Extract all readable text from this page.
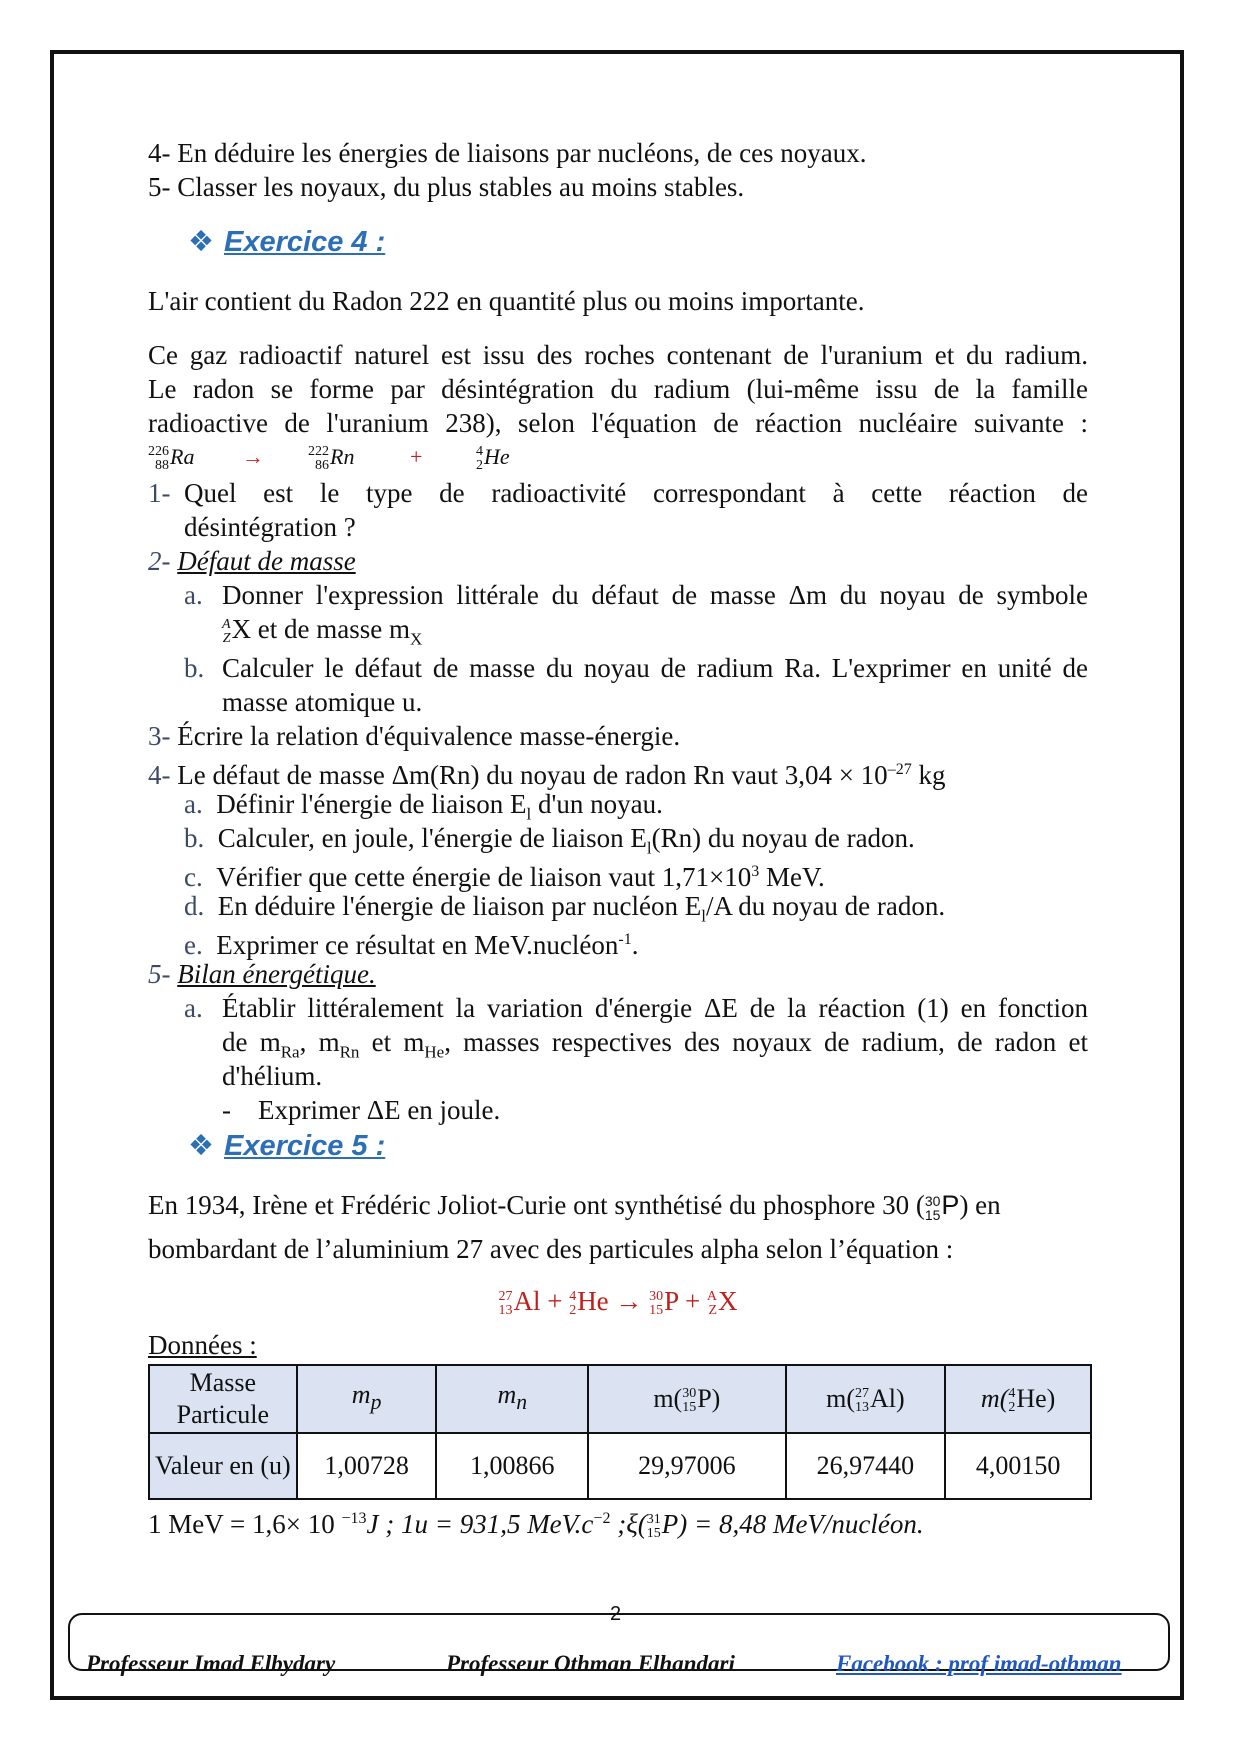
4- En déduire les énergies de liaisons par nucléons, de ces noyaux.

5- Classer les noyaux, du plus stables au moins stables.

❖ Exercice 4 :

L'air contient du Radon 222 en quantité plus ou moins importante.

Ce gaz radioactif naturel est issu des roches contenant de l'uranium et du radium.

Le radon se forme par désintégration du radium (lui-même issu de la famille

radioactive de l'uranium 238), selon l'équation de réaction nucléaire suivante :

226
88 Ra →	222
86 Rn	+	4
2 He

1- Quel est le type de radioactivité correspondant à cette réaction de

désintégration ?

2- Défaut de masse

a. Donner l'expression littérale du défaut de masse Δm du noyau de symbole

A
Z X et de masse $m_X$

b. Calculer le défaut de masse du noyau de radium Ra. L'exprimer en unité de

masse atomique u.

3- Écrire la relation d'équivalence masse-énergie.

4- Le défaut de masse Δm(Rn) du noyau de radon Rn vaut $3,04 \times 10^{-27}$ kg

a. Définir l'énergie de liaison $E_l$ d'un noyau.

b. Calculer, en joule, l'énergie de liaison $E_l(Rn)$ du noyau de radon.

c. Vérifier que cette énergie de liaison vaut $1,71\times 10^3$ MeV.

d. En déduire l'énergie de liaison par nucléon $E_l/A$ du noyau de radon.

e. Exprimer ce résultat en MeV.nucléon$^{-1}$.

5- Bilan énergétique.

a. Établir littéralement la variation d'énergie ΔE de la réaction (1) en fonction

de $m_{Ra}$, $m_{Rn}$ et $m_{He}$, masses respectives des noyaux de radium, de radon et

d'hélium.

- Exprimer ΔE en joule.

❖ Exercice 5 :

En 1934, Irène et Frédéric Joliot-Curie ont synthétisé du phosphore 30 ( 30
15 P) en

bombardant de l’aluminium 27 avec des particules alpha selon l’équation :

27
13 Al + 4
2 He → 30
15 P + A
Z X

Données :

Masse Particule	$m_p$	$m_n$	m( 30
15 P)	m( 27
13 Al)	m( 4
2 He)
Valeur en (u)	1,00728	1,00866	29,97006	26,97440	4,00150

1 MeV = 1,6× 10 $^{-13}$J ; 1u = 931,5 $MeV.c^{-2}$ ;ξ( 31
15 P) = 8,48 MeV/nucléon.

2
Professeur Imad Elbydary	Professeur Othman Elhandari	Facebook : prof imad-othman
